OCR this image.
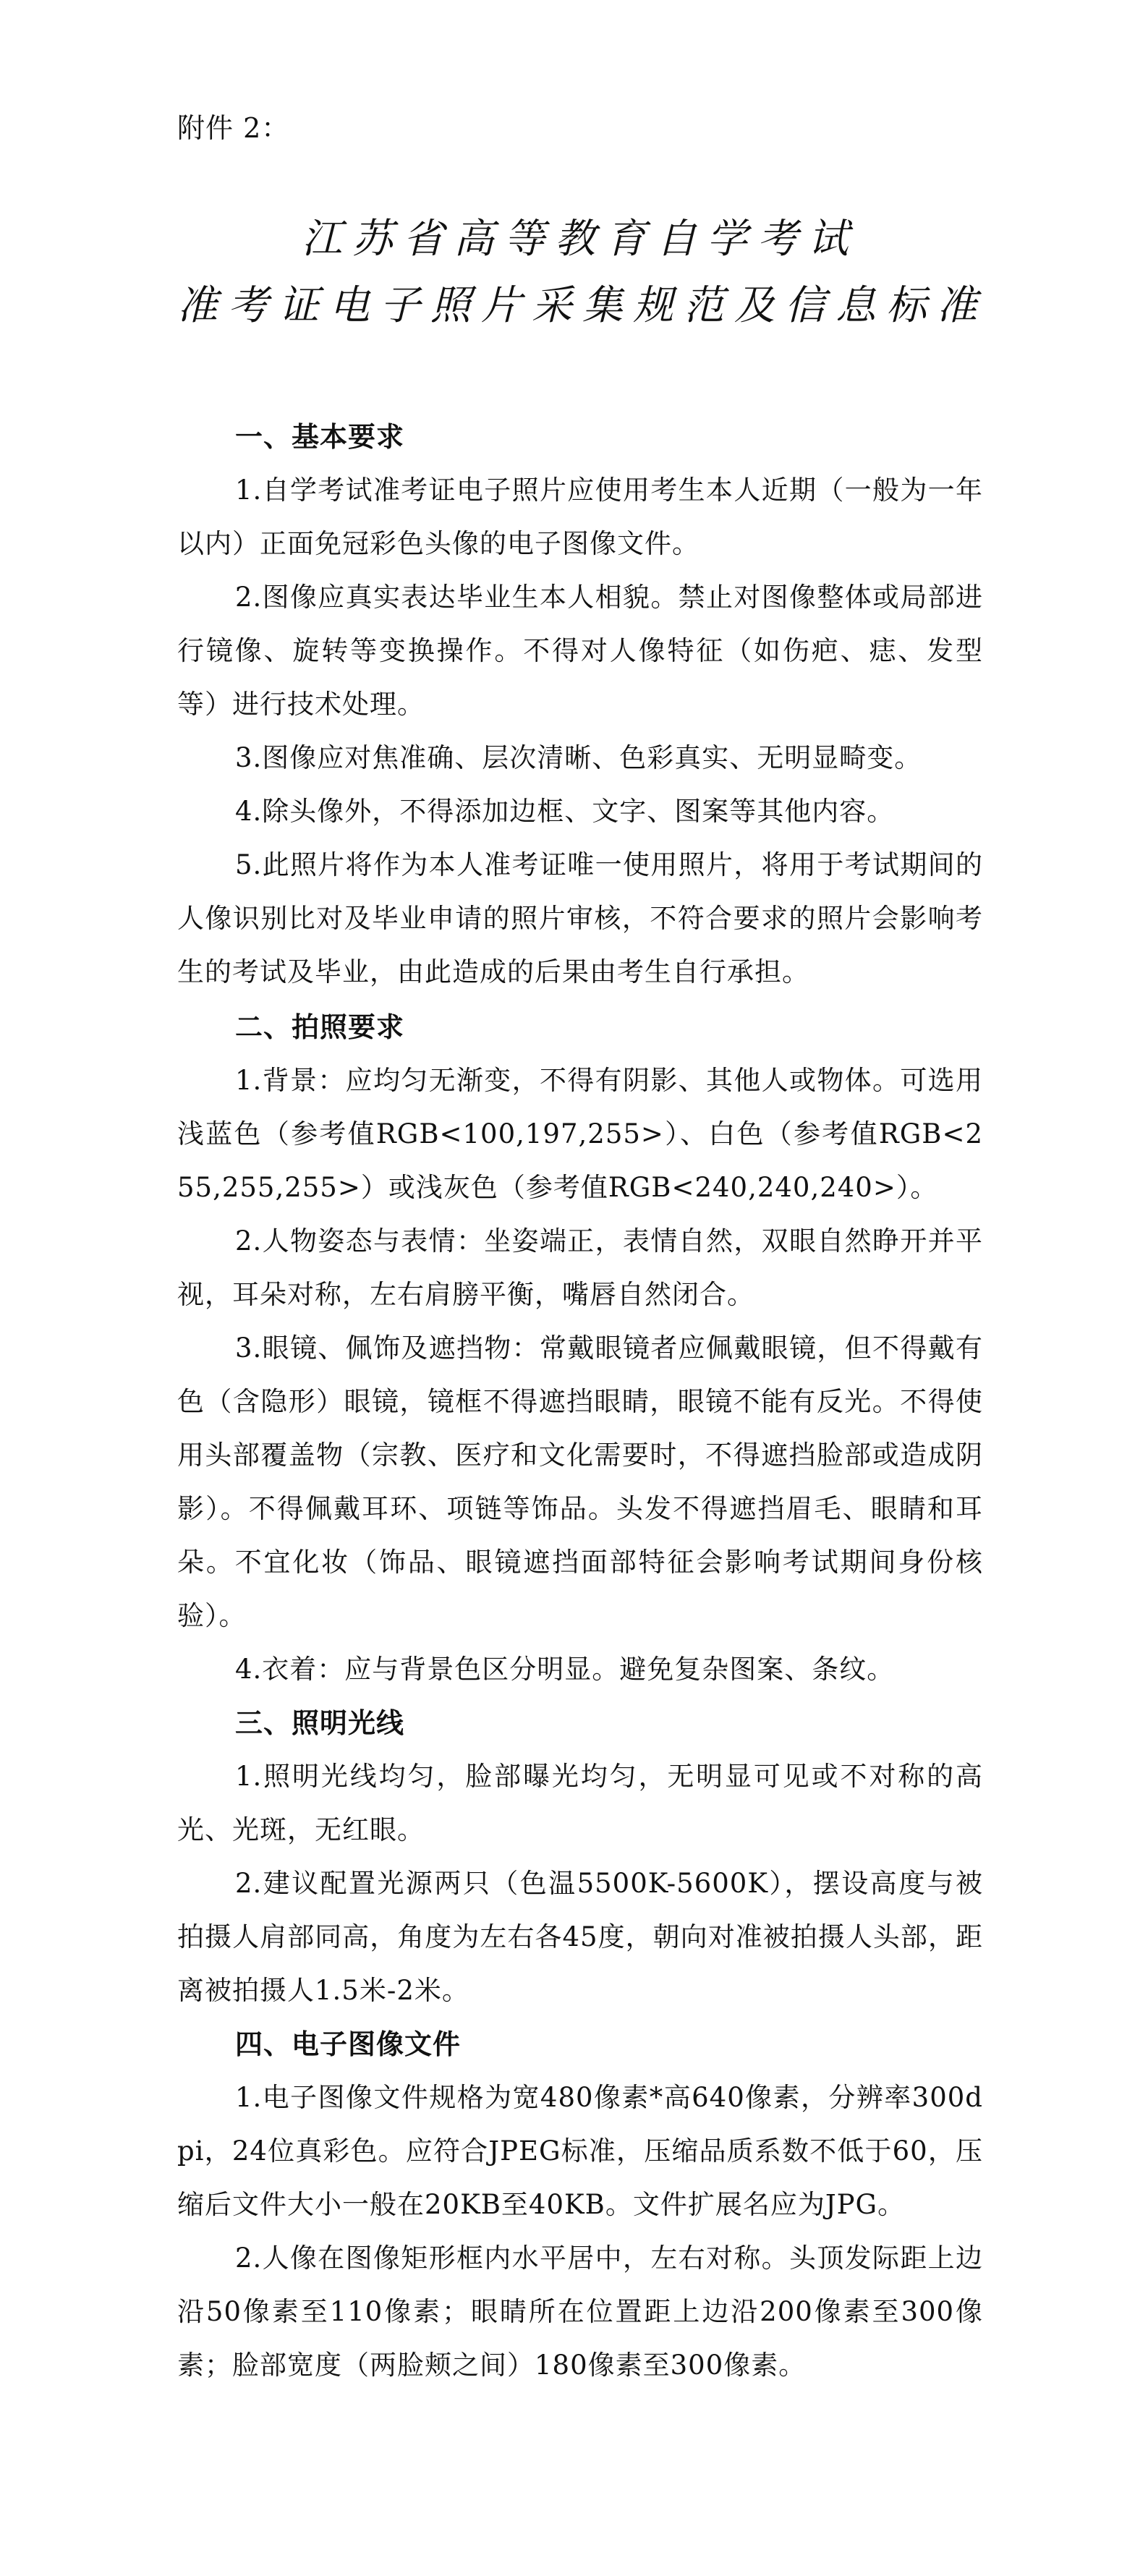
附件 2：
江苏省高等教育自学考试
准考证电子照片采集规范及信息标准
一、基本要求

1.自学考试准考证电子照片应使用考生本人近期（一般为一年以内）正面免冠彩色头像的电子图像文件。

2.图像应真实表达毕业生本人相貌。禁止对图像整体或局部进行镜像、旋转等变换操作。不得对人像特征（如伤疤、痣、发型等）进行技术处理。

3.图像应对焦准确、层次清晰、色彩真实、无明显畸变。

4.除头像外，不得添加边框、文字、图案等其他内容。

5.此照片将作为本人准考证唯一使用照片，将用于考试期间的人像识别比对及毕业申请的照片审核，不符合要求的照片会影响考生的考试及毕业，由此造成的后果由考生自行承担。

二、拍照要求

1.背景：应均匀无渐变，不得有阴影、其他人或物体。可选用浅蓝色（参考值RGB<100,197,255>）、白色（参考值RGB<255,255,255>）或浅灰色（参考值RGB<240,240,240>）。

2.人物姿态与表情：坐姿端正，表情自然，双眼自然睁开并平视，耳朵对称，左右肩膀平衡，嘴唇自然闭合。

3.眼镜、佩饰及遮挡物：常戴眼镜者应佩戴眼镜，但不得戴有色（含隐形）眼镜，镜框不得遮挡眼睛，眼镜不能有反光。不得使用头部覆盖物（宗教、医疗和文化需要时，不得遮挡脸部或造成阴影）。不得佩戴耳环、项链等饰品。头发不得遮挡眉毛、眼睛和耳朵。不宜化妆（饰品、眼镜遮挡面部特征会影响考试期间身份核验）。

4.衣着：应与背景色区分明显。避免复杂图案、条纹。

三、照明光线

1.照明光线均匀，脸部曝光均匀，无明显可见或不对称的高光、光斑，无红眼。

2.建议配置光源两只（色温5500K-5600K），摆设高度与被拍摄人肩部同高，角度为左右各45度，朝向对准被拍摄人头部，距离被拍摄人1.5米-2米。

四、电子图像文件

1.电子图像文件规格为宽480像素*高640像素，分辨率300dpi，24位真彩色。应符合JPEG标准，压缩品质系数不低于60，压缩后文件大小一般在20KB至40KB。文件扩展名应为JPG。

2.人像在图像矩形框内水平居中，左右对称。头顶发际距上边沿50像素至110像素；眼睛所在位置距上边沿200像素至300像素；脸部宽度（两脸颊之间）180像素至300像素。
